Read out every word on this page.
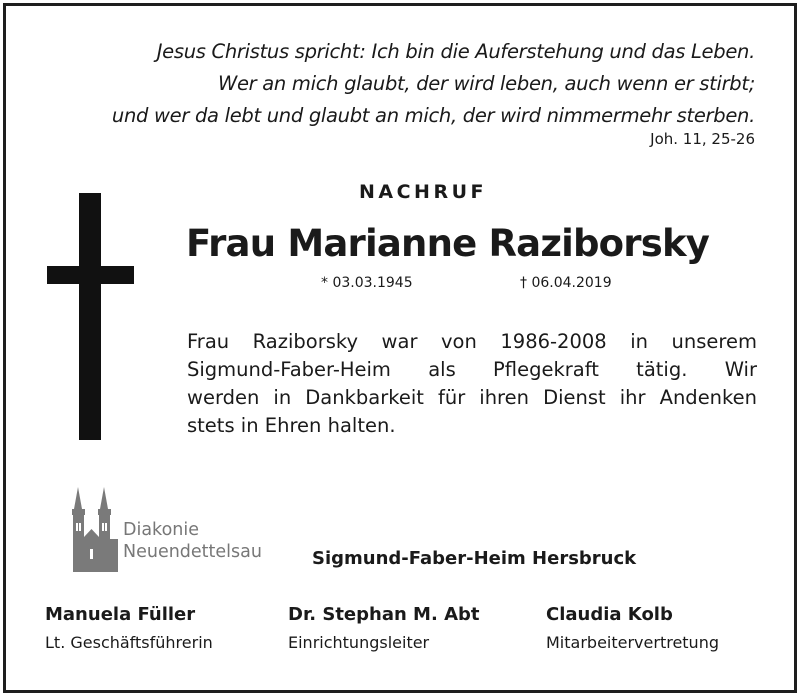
Jesus Christus spricht: Ich bin die Auferstehung und das Leben.
Wer an mich glaubt, der wird leben, auch wenn er stirbt;
und wer da lebt und glaubt an mich, der wird nimmermehr sterben.
Joh. 11, 25-26
NACHRUF
Frau Marianne Raziborsky
* 03.03.1945	† 06.04.2019
Frau Raziborsky war von 1986-2008 in unserem
Sigmund-Faber-Heim als Pflegekraft tätig. Wir
werden in Dankbarkeit für ihren Dienst ihr Andenken
stets in Ehren halten.
Diakonie
Neuendettelsau	Sigmund-Faber-Heim Hersbruck
Manuela Füller
Lt. Geschäftsführerin
Dr. Stephan M. Abt
Einrichtungsleiter
Claudia Kolb
Mitarbeitervertretung
